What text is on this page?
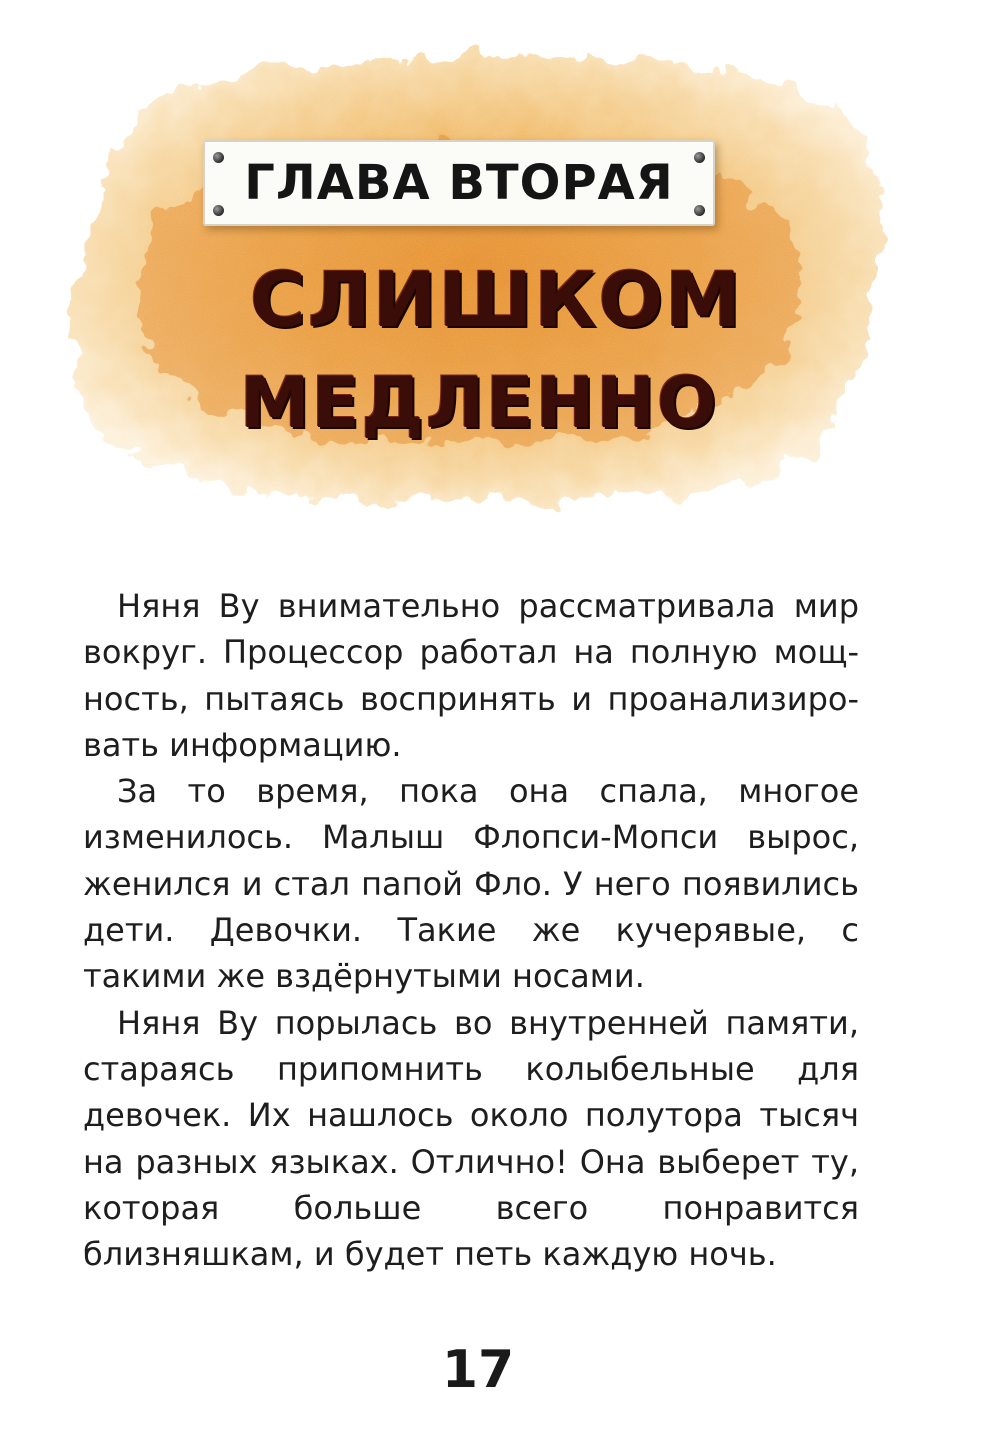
ГЛАВА ВТОРАЯ
СЛИШКОМ
МЕДЛЕННО

Няня Ву внимательно рассматривала мир вокруг. Процессор работал на полную мощность, пытаясь воспринять и проанализировать информацию.

За то время, пока она спала, многое изменилось. Малыш Флопси-Мопси вырос, женился и стал папой Фло. У него появились дети. Девочки. Такие же кучерявые, с такими же вздёрнутыми носами.

Няня Ву порылась во внутренней памяти, стараясь припомнить колыбельные для девочек. Их нашлось около полутора тысяч на разных языках. Отлично! Она выберет ту, которая больше всего понравится близняшкам, и будет петь каждую ночь.

17
